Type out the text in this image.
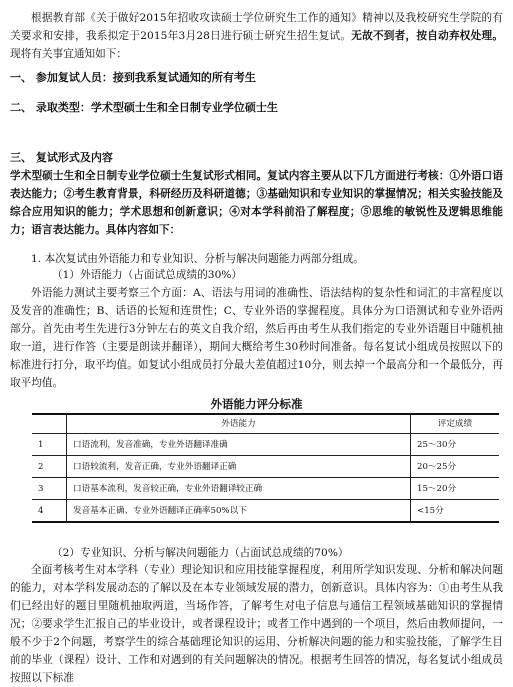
根据教育部《关于做好2015年招收攻读硕士学位研究生工作的通知》精神以及我校研究生学院的有关要求和安排，我系拟定于2015年3月28日进行硕士研究生招生复试。无故不到者，按自动弃权处理。现将有关事宜通知如下：
一、 参加复试人员：接到我系复试通知的所有考生
二、 录取类型：学术型硕士生和全日制专业学位硕士生
三、 复试形式及内容
学术型硕士生和全日制专业学位硕士生复试形式相同。复试内容主要从以下几方面进行考核：①外语口语表达能力；②考生教育背景，科研经历及科研道德；③基础知识和专业知识的掌握情况；相关实验技能及综合应用知识的能力；学术思想和创新意识；④对本学科前沿了解程度；⑤思维的敏锐性及逻辑思维能力；语言表达能力。具体内容如下：
1. 本次复试由外语能力和专业知识、分析与解决问题能力两部分组成。
（1）外语能力（占面试总成绩的30%）
外语能力测试主要考察三个方面：A、语法与用词的准确性、语法结构的复杂性和词汇的丰富程度以及发音的准确性；B、话语的长短和连贯性；C、专业外语的掌握程度。具体分为口语测试和专业外语两部分。首先由考生先进行3分钟左右的英文自我介绍，然后再由考生从我们指定的专业外语题目中随机抽取一道，进行作答（主要是朗读并翻译），期间大概给考生30秒时间准备。每名复试小组成员按照以下的标准进行打分，取平均值。如复试小组成员打分最大差值超过10分，则去掉一个最高分和一个最低分，再取平均值。
外语能力评分标准
	外语能力	评定成绩
1	口语流利，发音准确，专业外语翻译准确	25～30分
2	口语较流利，发音正确，专业外语翻译正确	20～25分
3	口语基本流利，发音较正确，专业外语翻译较正确	15～20分
4	发音基本正确、专业外语翻译正确率50%以下	<15分
（2）专业知识、分析与解决问题能力（占面试总成绩的70%）
全面考核考生对本学科（专业）理论知识和应用技能掌握程度，利用所学知识发现、分析和解决问题的能力，对本学科发展动态的了解以及在本专业领域发展的潜力，创新意识。具体内容为：①由考生从我们已经出好的题目里随机抽取两道，当场作答，了解考生对电子信息与通信工程领域基础知识的掌握情况；②要求学生汇报自己的毕业设计，或者课程设计；或者工作中遇到的一个项目，然后由教师提问，一般不少于2个问题，考察学生的综合基础理论知识的运用、分析解决问题的能力和实验技能，了解学生目前的毕业（课程）设计、工作和对遇到的有关问题解决的情况。根据考生回答的情况，每名复试小组成员按照以下标准
